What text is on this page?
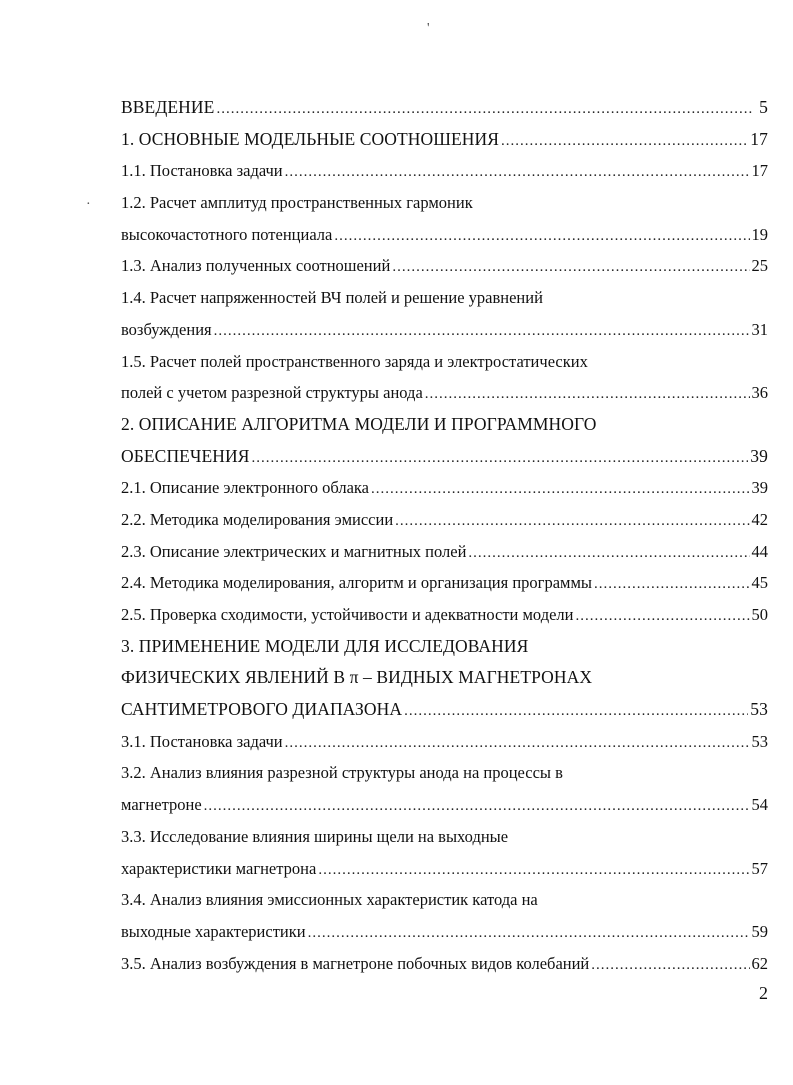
'
·
ВВЕДЕНИЕ .....	5
1. ОСНОВНЫЕ МОДЕЛЬНЫЕ СООТНОШЕНИЯ .....	17
1.1. Постановка задачи .....	17
1.2. Расчет амплитуд пространственных гармоник
высокочастотного потенциала .....	19
1.3. Анализ полученных соотношений .....	25
1.4. Расчет напряженностей ВЧ полей и решение уравнений
возбуждения .....	31
1.5. Расчет полей пространственного заряда и электростатических
полей с учетом разрезной структуры анода .....	36
2. ОПИСАНИЕ АЛГОРИТМА МОДЕЛИ И ПРОГРАММНОГО
ОБЕСПЕЧЕНИЯ .....	39
2.1. Описание электронного облака .....	39
2.2. Методика моделирования эмиссии .....	42
2.3. Описание электрических и магнитных полей .....	44
2.4. Методика моделирования, алгоритм и организация программы .....	45
2.5. Проверка сходимости, устойчивости и адекватности модели .....	50
3. ПРИМЕНЕНИЕ МОДЕЛИ ДЛЯ ИССЛЕДОВАНИЯ
ФИЗИЧЕСКИХ ЯВЛЕНИЙ В π – ВИДНЫХ МАГНЕТРОНАХ
САНТИМЕТРОВОГО ДИАПАЗОНА .....	53
3.1. Постановка задачи .....	53
3.2. Анализ влияния разрезной структуры анода на процессы в
магнетроне .....	54
3.3. Исследование влияния ширины щели на выходные
характеристики магнетрона .....	57
3.4. Анализ влияния эмиссионных характеристик катода на
выходные характеристики .....	59
3.5. Анализ возбуждения в магнетроне побочных видов колебаний .....	62
2
